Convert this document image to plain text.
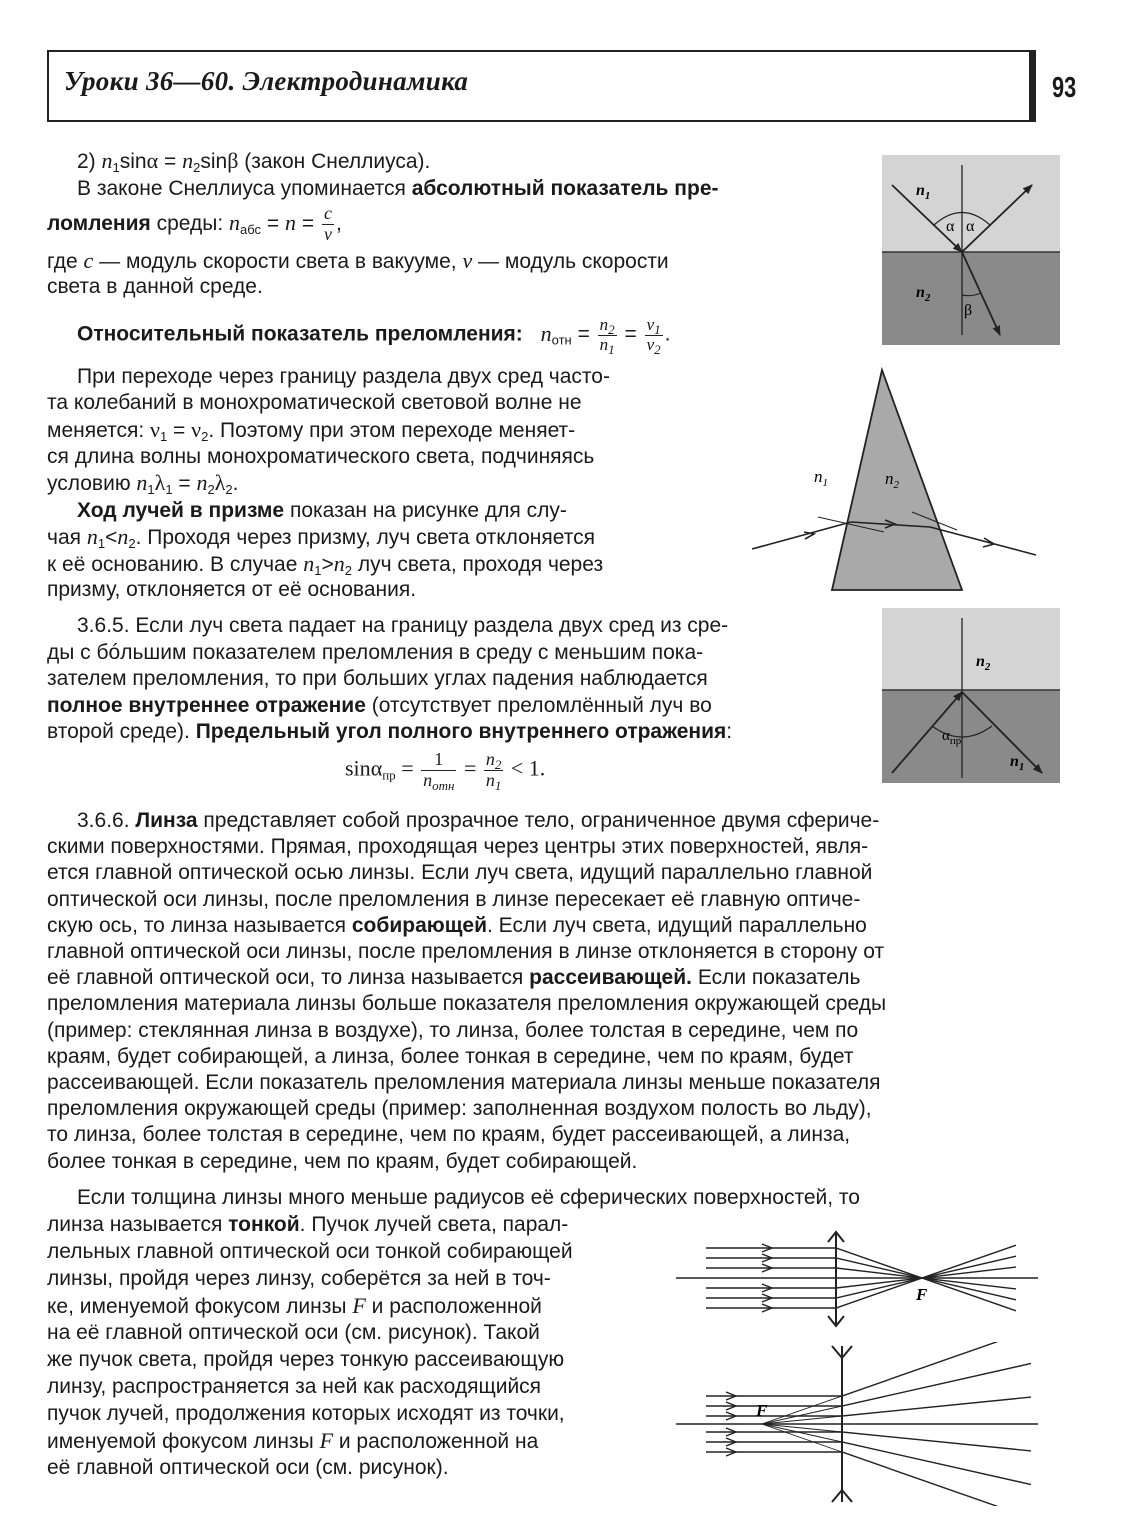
Уроки 36—60. Электродинамика	93
2) $n_1\sin\alpha = n_2\sin\beta$ (закон Снеллиуса).
В законе Снеллиуса упоминается абсолютный показатель пре-
ломления среды: $n_{абс} = n = \frac{c}{v}$ ,
где c — модуль скорости света в вакууме, v — модуль скорости
света в данной среде.
Относительный показатель преломления: $n_{отн} = \frac{n_2}{n_1} = \frac{v_1}{v_2}$ .
При переходе через границу раздела двух сред часто-
та колебаний в монохроматической световой волне не
меняется: $\nu_1 = \nu_2$. Поэтому при этом переходе меняет-
ся длина волны монохроматического света, подчиняясь
условию $n_1\lambda_1 = n_2\lambda_2$.
Ход лучей в призме показан на рисунке для слу-
чая $n_1<n_2$. Проходя через призму, луч света отклоняется
к её основанию. В случае $n_1>n_2$ луч света, проходя через
призму, отклоняется от её основания.
3.6.5. Если луч света падает на границу раздела двух сред из сре-
ды с бóльшим показателем преломления в среду с меньшим пока-
зателем преломления, то при больших углах падения наблюдается
полное внутреннее отражение (отсутствует преломлённый луч во
второй среде). Предельный угол полного внутреннего отражения:
sinα$_{пр}$ =	1
$n_{отн}$
= $\frac{n_2}{n_1} < 1$.
3.6.6. Линза представляет собой прозрачное тело, ограниченное двумя сфериче-
скими поверхностями. Прямая, проходящая через центры этих поверхностей, явля-
ется главной оптической осью линзы. Если луч света, идущий параллельно главной
оптической оси линзы, после преломления в линзе пересекает её главную оптиче-
скую ось, то линза называется собирающей. Если луч света, идущий параллельно
главной оптической оси линзы, после преломления в линзе отклоняется в сторону от
её главной оптической оси, то линза называется рассеивающей. Если показатель
преломления материала линзы больше показателя преломления окружающей среды
(пример: стеклянная линза в воздухе), то линза, более толстая в середине, чем по
краям, будет собирающей, а линза, более тонкая в середине, чем по краям, будет
рассеивающей. Если показатель преломления материала линзы меньше показателя
преломления окружающей среды (пример: заполненная воздухом полость во льду),
то линза, более толстая в середине, чем по краям, будет рассеивающей, а линза,
более тонкая в середине, чем по краям, будет собирающей.
Если толщина линзы много меньше радиусов её сферических поверхностей, то
линза называется тонкой. Пучок лучей света, парал-
лельных главной оптической оси тонкой собирающей
линзы, пройдя через линзу, соберётся за ней в точ-
ке, именуемой фокусом линзы F и расположенной
на её главной оптической оси (см. рисунок). Такой
же пучок света, пройдя через тонкую рассеивающую
линзу, распространяется за ней как расходящийся
пучок лучей, продолжения которых исходят из точки,
именуемой фокусом линзы F и расположенной на
её главной оптической оси (см. рисунок).
$n_1$
α α
$n_2$
β
$n_1$	$n_2$
$n_2$
$\alpha_{пр}$
$n_1$
F
F
